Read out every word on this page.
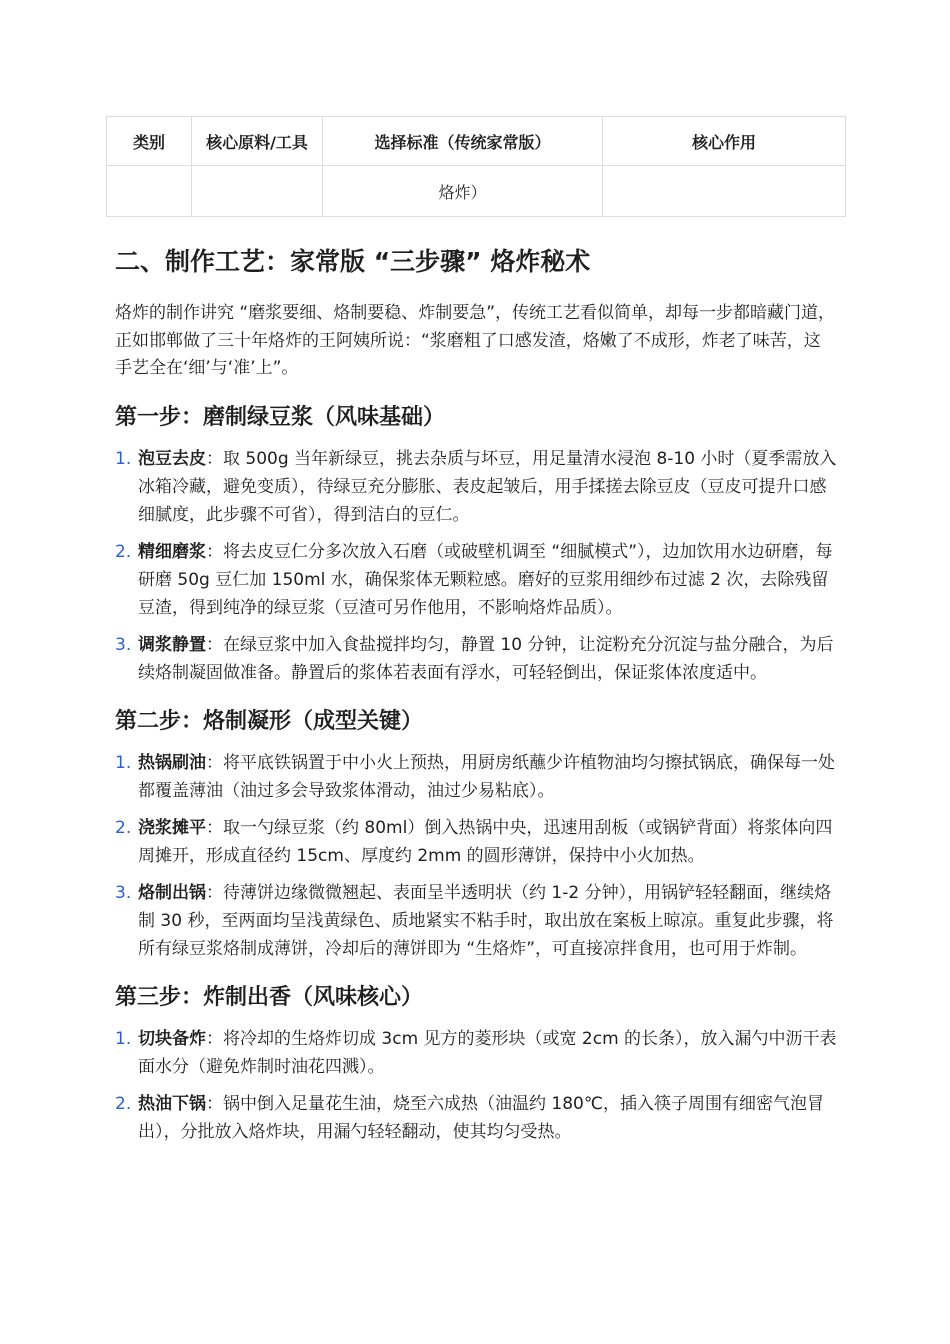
类别	核心原料/工具	选择标准（传统家常版）	核心作用
		烙炸）	
二、制作工艺：家常版 “三步骤” 烙炸秘术

烙炸的制作讲究 “磨浆要细、烙制要稳、炸制要急”，传统工艺看似简单，却每一步都暗藏门道，正如邯郸做了三十年烙炸的王阿姨所说：“浆磨粗了口感发渣，烙嫩了不成形，炸老了味苦，这手艺全在‘细’与‘准’上”。

第一步：磨制绿豆浆（风味基础）
1. 泡豆去皮：取 500g 当年新绿豆，挑去杂质与坏豆，用足量清水浸泡 8-10 小时（夏季需放入冰箱冷藏，避免变质），待绿豆充分膨胀、表皮起皱后，用手揉搓去除豆皮（豆皮可提升口感细腻度，此步骤不可省），得到洁白的豆仁。
2. 精细磨浆：将去皮豆仁分多次放入石磨（或破壁机调至 “细腻模式”），边加饮用水边研磨，每研磨 50g 豆仁加 150ml 水，确保浆体无颗粒感。磨好的豆浆用细纱布过滤 2 次，去除残留豆渣，得到纯净的绿豆浆（豆渣可另作他用，不影响烙炸品质）。
3. 调浆静置：在绿豆浆中加入食盐搅拌均匀，静置 10 分钟，让淀粉充分沉淀与盐分融合，为后续烙制凝固做准备。静置后的浆体若表面有浮水，可轻轻倒出，保证浆体浓度适中。
第二步：烙制凝形（成型关键）
1. 热锅刷油：将平底铁锅置于中小火上预热，用厨房纸蘸少许植物油均匀擦拭锅底，确保每一处都覆盖薄油（油过多会导致浆体滑动，油过少易粘底）。
2. 浇浆摊平：取一勺绿豆浆（约 80ml）倒入热锅中央，迅速用刮板（或锅铲背面）将浆体向四周摊开，形成直径约 15cm、厚度约 2mm 的圆形薄饼，保持中小火加热。
3. 烙制出锅：待薄饼边缘微微翘起、表面呈半透明状（约 1-2 分钟），用锅铲轻轻翻面，继续烙制 30 秒，至两面均呈浅黄绿色、质地紧实不粘手时，取出放在案板上晾凉。重复此步骤，将所有绿豆浆烙制成薄饼，冷却后的薄饼即为 “生烙炸”，可直接凉拌食用，也可用于炸制。
第三步：炸制出香（风味核心）
1. 切块备炸：将冷却的生烙炸切成 3cm 见方的菱形块（或宽 2cm 的长条），放入漏勺中沥干表面水分（避免炸制时油花四溅）。
2. 热油下锅：锅中倒入足量花生油，烧至六成热（油温约 180℃，插入筷子周围有细密气泡冒出），分批放入烙炸块，用漏勺轻轻翻动，使其均匀受热。
